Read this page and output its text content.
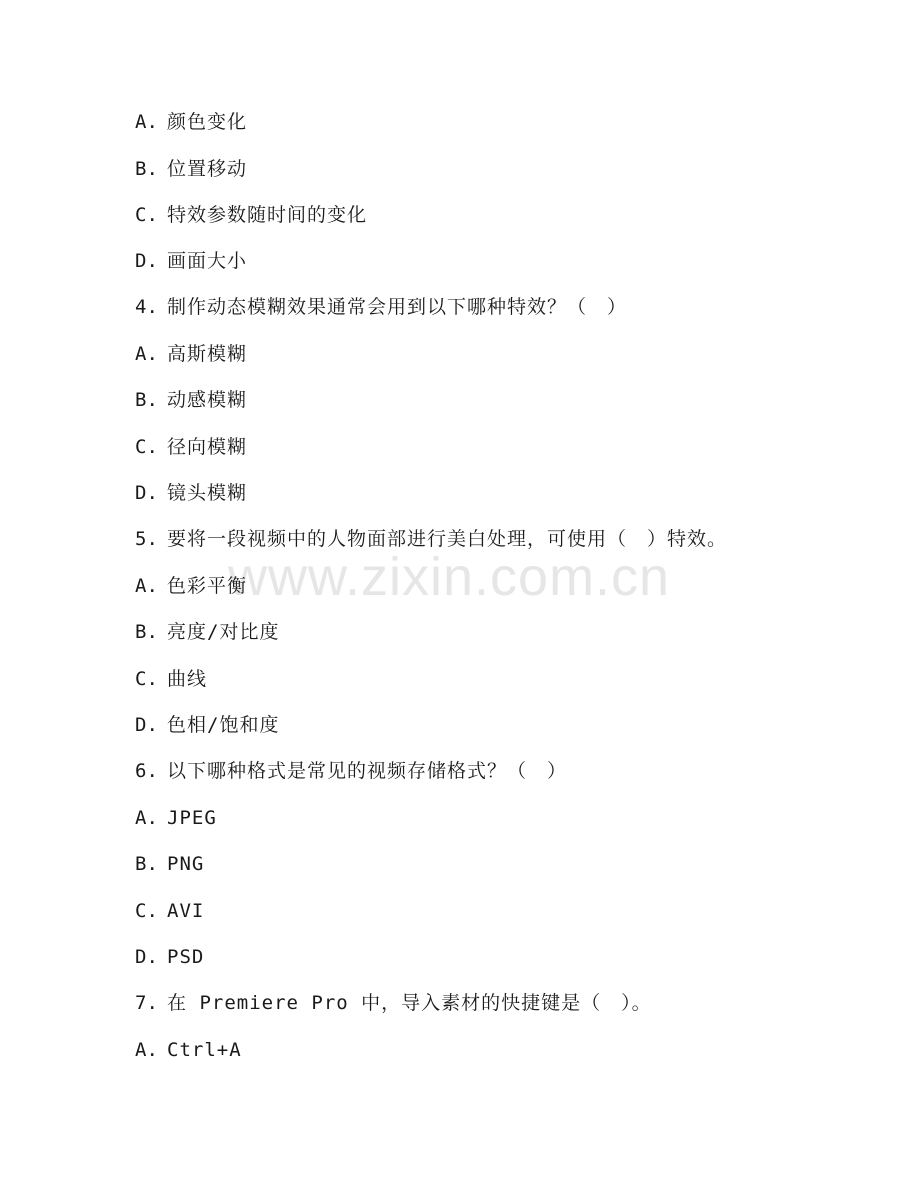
www.zixin.com.cn
A. 颜色变化
B. 位置移动
C. 特效参数随时间的变化
D. 画面大小
4. 制作动态模糊效果通常会用到以下哪种特效？（　）
A. 高斯模糊
B. 动感模糊
C. 径向模糊
D. 镜头模糊
5. 要将一段视频中的人物面部进行美白处理，可使用（　）特效。
A. 色彩平衡
B. 亮度/对比度
C. 曲线
D. 色相/饱和度
6. 以下哪种格式是常见的视频存储格式？（　）
A. JPEG
B. PNG
C. AVI
D. PSD
7. 在 Premiere Pro 中，导入素材的快捷键是（　）。
A. Ctrl+A
